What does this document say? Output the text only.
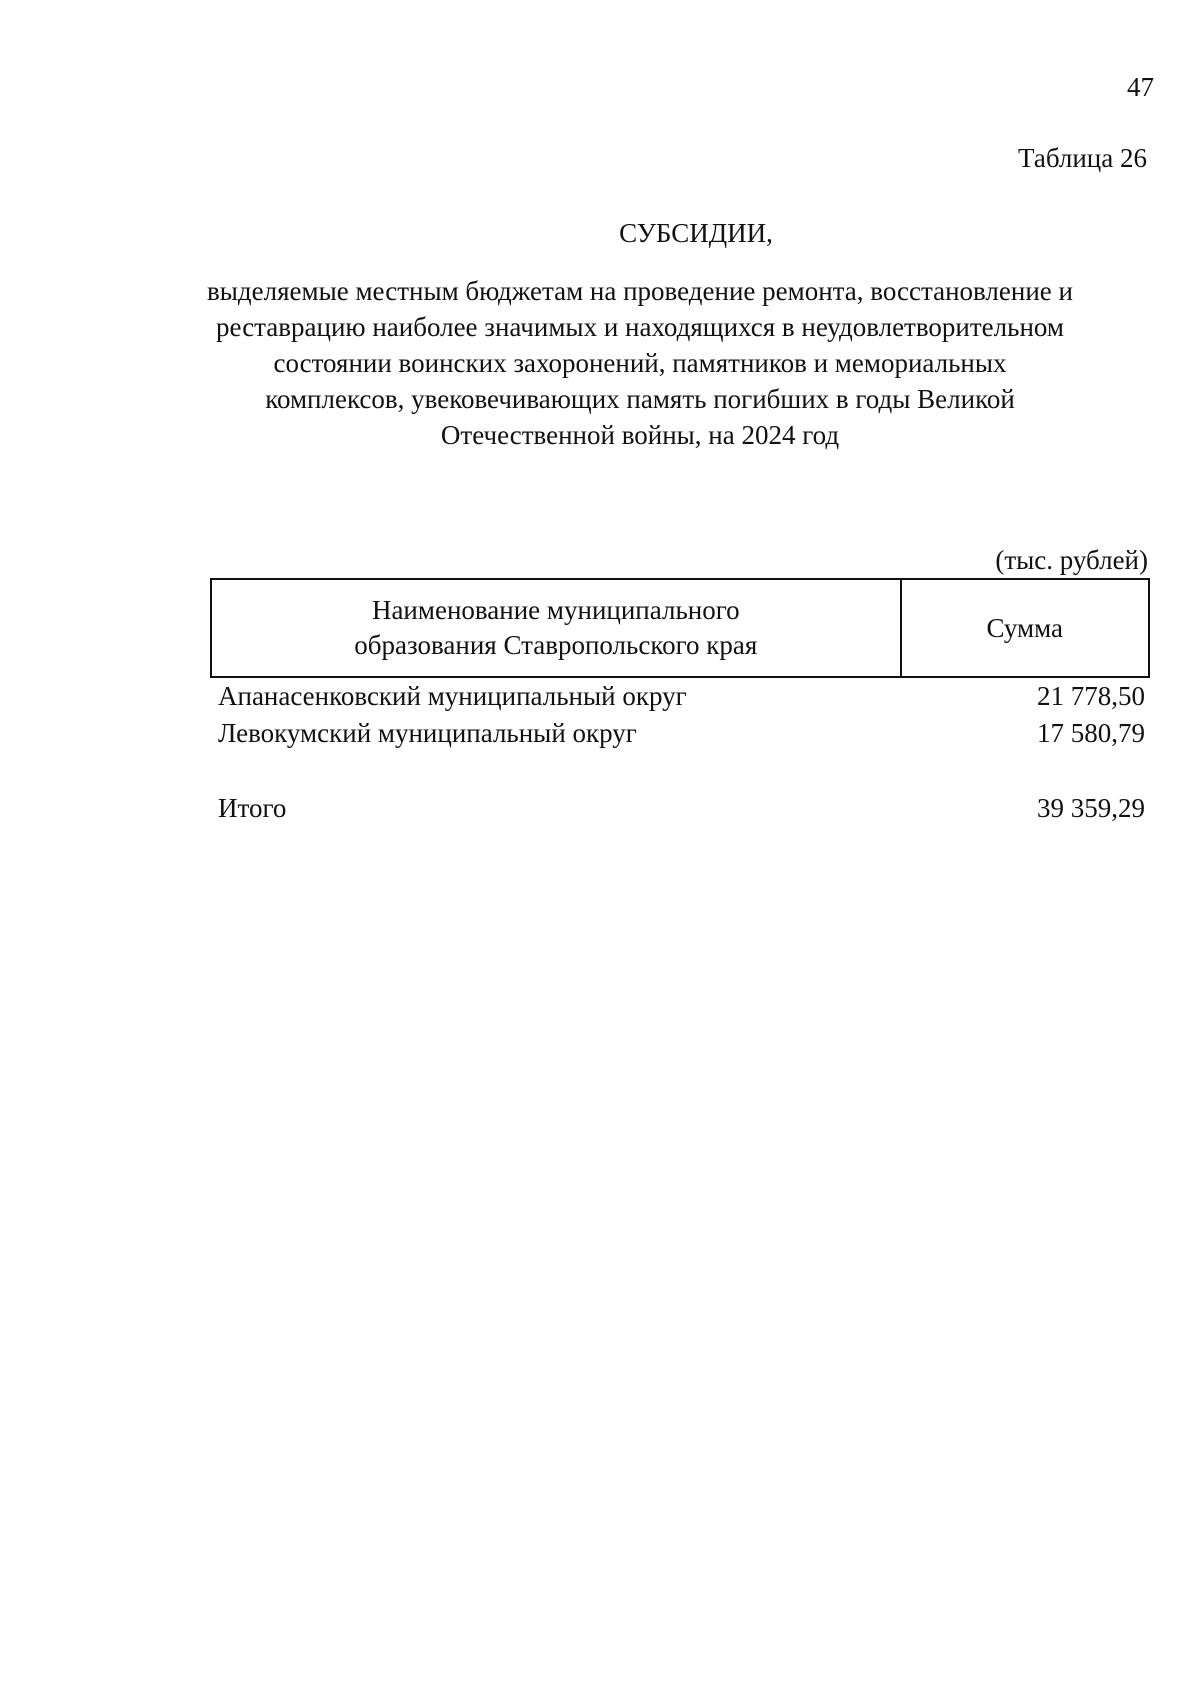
47
Таблица 26
СУБСИДИИ,
выделяемые местным бюджетам на проведение ремонта, восстановление и
реставрацию наиболее значимых и находящихся в неудовлетворительном
состоянии воинских захоронений, памятников и мемориальных
комплексов, увековечивающих память погибших в годы Великой
Отечественной войны, на 2024 год
(тыс. рублей)
Наименование муниципального
образования Ставропольского края	Сумма
Апанасенковский муниципальный округ	21 778,50
Левокумский муниципальный округ	17 580,79

Итого	39 359,29
